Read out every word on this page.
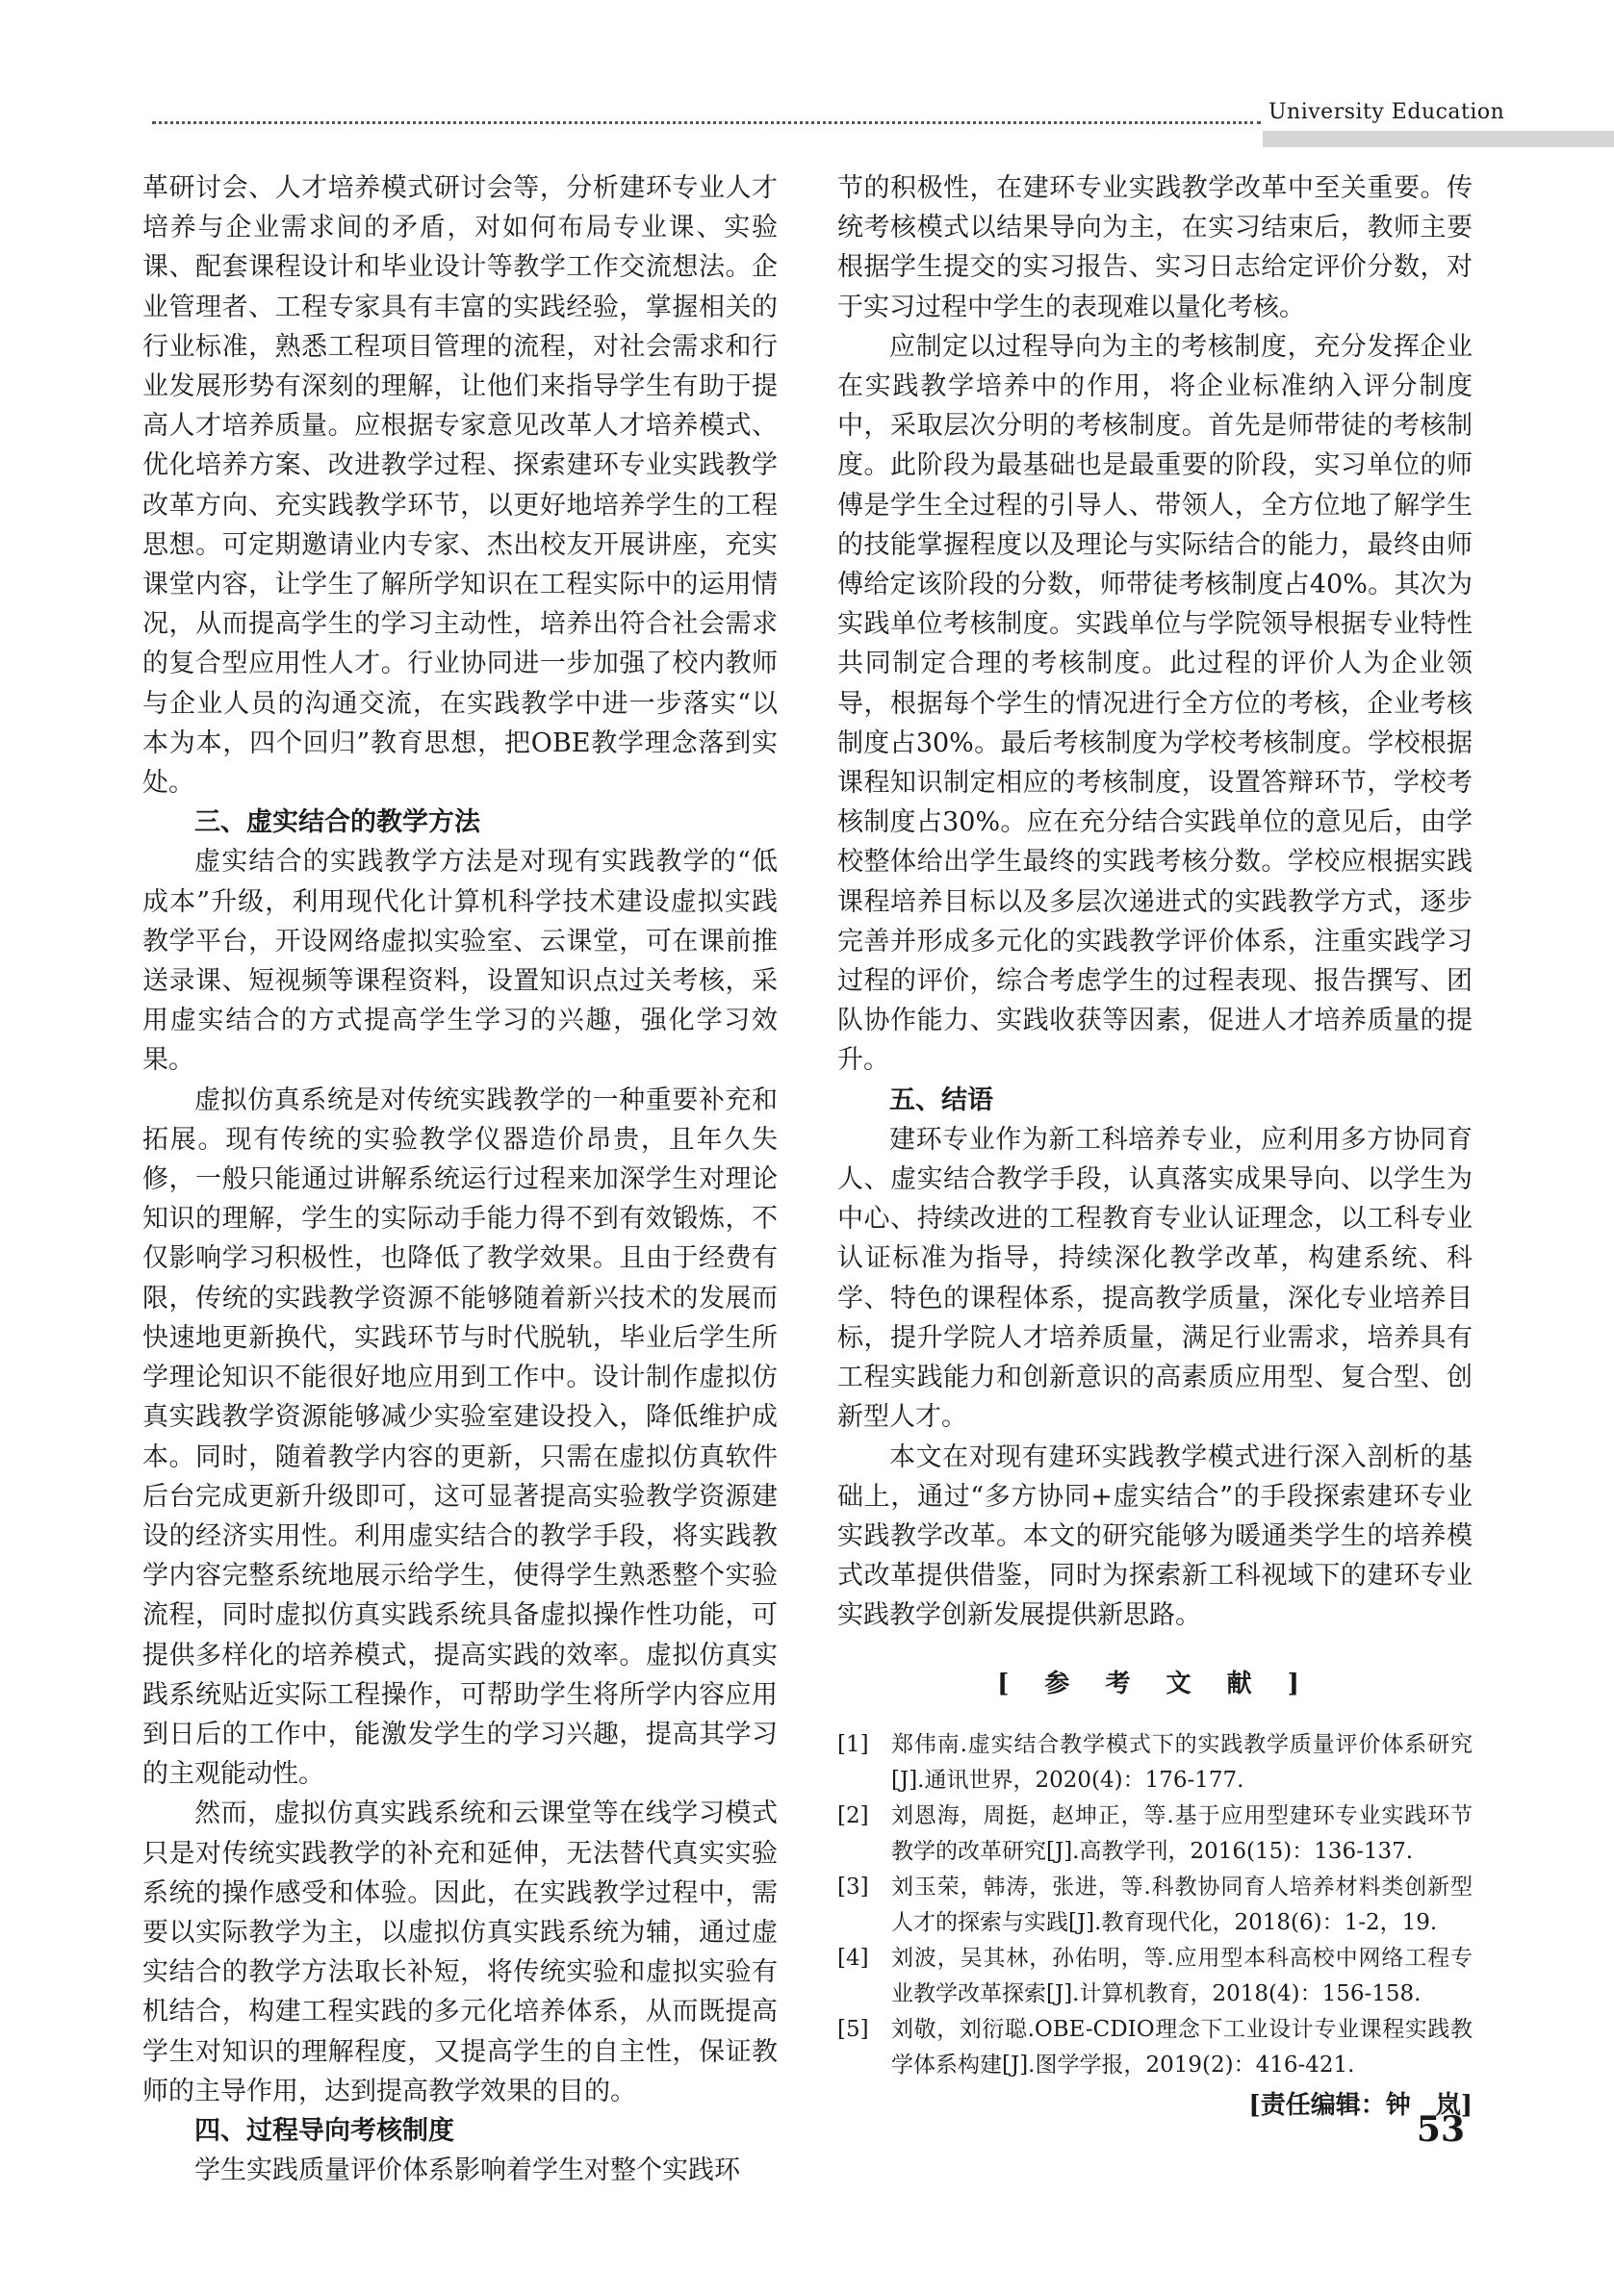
University Education

革研讨会、人才培养模式研讨会等，分析建环专业人才培养与企业需求间的矛盾，对如何布局专业课、实验课、配套课程设计和毕业设计等教学工作交流想法。企业管理者、工程专家具有丰富的实践经验，掌握相关的行业标准，熟悉工程项目管理的流程，对社会需求和行业发展形势有深刻的理解，让他们来指导学生有助于提高人才培养质量。应根据专家意见改革人才培养模式、优化培养方案、改进教学过程、探索建环专业实践教学改革方向、充实践教学环节，以更好地培养学生的工程思想。可定期邀请业内专家、杰出校友开展讲座，充实课堂内容，让学生了解所学知识在工程实际中的运用情况，从而提高学生的学习主动性，培养出符合社会需求的复合型应用性人才。行业协同进一步加强了校内教师与企业人员的沟通交流，在实践教学中进一步落实“以本为本，四个回归”教育思想，把OBE教学理念落到实处。

三、虚实结合的教学方法

虚实结合的实践教学方法是对现有实践教学的“低成本”升级，利用现代化计算机科学技术建设虚拟实践教学平台，开设网络虚拟实验室、云课堂，可在课前推送录课、短视频等课程资料，设置知识点过关考核，采用虚实结合的方式提高学生学习的兴趣，强化学习效果。

虚拟仿真系统是对传统实践教学的一种重要补充和拓展。现有传统的实验教学仪器造价昂贵，且年久失修，一般只能通过讲解系统运行过程来加深学生对理论知识的理解，学生的实际动手能力得不到有效锻炼，不仅影响学习积极性，也降低了教学效果。且由于经费有限，传统的实践教学资源不能够随着新兴技术的发展而快速地更新换代，实践环节与时代脱轨，毕业后学生所学理论知识不能很好地应用到工作中。设计制作虚拟仿真实践教学资源能够减少实验室建设投入，降低维护成本。同时，随着教学内容的更新，只需在虚拟仿真软件后台完成更新升级即可，这可显著提高实验教学资源建设的经济实用性。利用虚实结合的教学手段，将实践教学内容完整系统地展示给学生，使得学生熟悉整个实验流程，同时虚拟仿真实践系统具备虚拟操作性功能，可提供多样化的培养模式，提高实践的效率。虚拟仿真实践系统贴近实际工程操作，可帮助学生将所学内容应用到日后的工作中，能激发学生的学习兴趣，提高其学习的主观能动性。

然而，虚拟仿真实践系统和云课堂等在线学习模式只是对传统实践教学的补充和延伸，无法替代真实实验系统的操作感受和体验。因此，在实践教学过程中，需要以实际教学为主，以虚拟仿真实践系统为辅，通过虚实结合的教学方法取长补短，将传统实验和虚拟实验有机结合，构建工程实践的多元化培养体系，从而既提高学生对知识的理解程度，又提高学生的自主性，保证教师的主导作用，达到提高教学效果的目的。

四、过程导向考核制度

学生实践质量评价体系影响着学生对整个实践环

节的积极性，在建环专业实践教学改革中至关重要。传统考核模式以结果导向为主，在实习结束后，教师主要根据学生提交的实习报告、实习日志给定评价分数，对于实习过程中学生的表现难以量化考核。

应制定以过程导向为主的考核制度，充分发挥企业在实践教学培养中的作用，将企业标准纳入评分制度中，采取层次分明的考核制度。首先是师带徒的考核制度。此阶段为最基础也是最重要的阶段，实习单位的师傅是学生全过程的引导人、带领人，全方位地了解学生的技能掌握程度以及理论与实际结合的能力，最终由师傅给定该阶段的分数，师带徒考核制度占40%。其次为实践单位考核制度。实践单位与学院领导根据专业特性共同制定合理的考核制度。此过程的评价人为企业领导，根据每个学生的情况进行全方位的考核，企业考核制度占30%。最后考核制度为学校考核制度。学校根据课程知识制定相应的考核制度，设置答辩环节，学校考核制度占30%。应在充分结合实践单位的意见后，由学校整体给出学生最终的实践考核分数。学校应根据实践课程培养目标以及多层次递进式的实践教学方式，逐步完善并形成多元化的实践教学评价体系，注重实践学习过程的评价，综合考虑学生的过程表现、报告撰写、团队协作能力、实践收获等因素，促进人才培养质量的提升。

五、结语

建环专业作为新工科培养专业，应利用多方协同育人、虚实结合教学手段，认真落实成果导向、以学生为中心、持续改进的工程教育专业认证理念，以工科专业认证标准为指导，持续深化教学改革，构建系统、科学、特色的课程体系，提高教学质量，深化专业培养目标，提升学院人才培养质量，满足行业需求，培养具有工程实践能力和创新意识的高素质应用型、复合型、创新型人才。

本文在对现有建环实践教学模式进行深入剖析的基础上，通过“多方协同+虚实结合”的手段探索建环专业实践教学改革。本文的研究能够为暖通类学生的培养模式改革提供借鉴，同时为探索新工科视域下的建环专业实践教学创新发展提供新思路。

[ 参 考 文 献 ]
[1]	郑伟南.虚实结合教学模式下的实践教学质量评价体系研究[J].通讯世界，2020(4)：176-177.
[2]	刘恩海，周挺，赵坤正，等.基于应用型建环专业实践环节教学的改革研究[J].高教学刊，2016(15)：136-137.
[3]	刘玉荣，韩涛，张进，等.科教协同育人培养材料类创新型人才的探索与实践[J].教育现代化，2018(6)：1-2，19.
[4]	刘波，吴其林，孙佑明，等.应用型本科高校中网络工程专业教学改革探索[J].计算机教育，2018(4)：156-158.
[5]	刘敬，刘衍聪.OBE-CDIO理念下工业设计专业课程实践教学体系构建[J].图学学报，2019(2)：416-421.
[责任编辑：钟　岚]
53
